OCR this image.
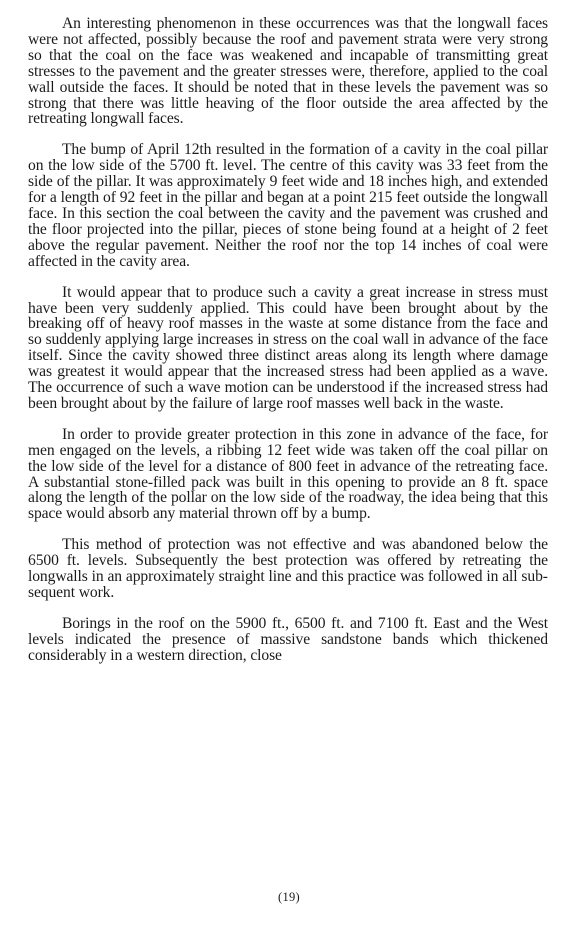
An interesting phenomenon in these occurrences was that the longwall faces were not affected, possibly because the roof and pavement strata were very strong so that the coal on the face was weakened and incapable of transmitting great stresses to the pavement and the greater stresses were, therefore, applied to the coal wall outside the faces. It should be noted that in these levels the pavement was so strong that there was little heaving of the floor outside the area affected by the retreating longwall faces.

The bump of April 12th resulted in the formation of a cavity in the coal pillar on the low side of the 5700 ft. level. The centre of this cavity was 33 feet from the side of the pillar. It was approximately 9 feet wide and 18 inches high, and extended for a length of 92 feet in the pillar and began at a point 215 feet outside the longwall face. In this section the coal between the cavity and the pavement was crushed and the floor projected into the pillar, pieces of stone being found at a height of 2 feet above the regular pavement. Neither the roof nor the top 14 inches of coal were affected in the cavity area.

It would appear that to produce such a cavity a great increase in stress must have been very suddenly applied. This could have been brought about by the breaking off of heavy roof masses in the waste at some distance from the face and so suddenly applying large increases in stress on the coal wall in advance of the face itself. Since the cavity showed three distinct areas along its length where damage was greatest it would appear that the increased stress had been applied as a wave. The occurrence of such a wave motion can be understood if the increased stress had been brought about by the failure of large roof masses well back in the waste.

In order to provide greater protection in this zone in advance of the face, for men engaged on the levels, a ribbing 12 feet wide was taken off the coal pillar on the low side of the level for a distance of 800 feet in advance of the retreating face. A substantial stone-filled pack was built in this opening to provide an 8 ft. space along the length of the pollar on the low side of the roadway, the idea being that this space would absorb any material thrown off by a bump.

This method of protection was not effective and was abandoned below the 6500 ft. levels. Subsequently the best protection was offered by retreating the longwalls in an approximately straight line and this practice was followed in all subsequent work.

Borings in the roof on the 5900 ft., 6500 ft. and 7100 ft. East and the West levels indicated the presence of massive sandstone bands which thickened considerably in a western direction, close

(19)
